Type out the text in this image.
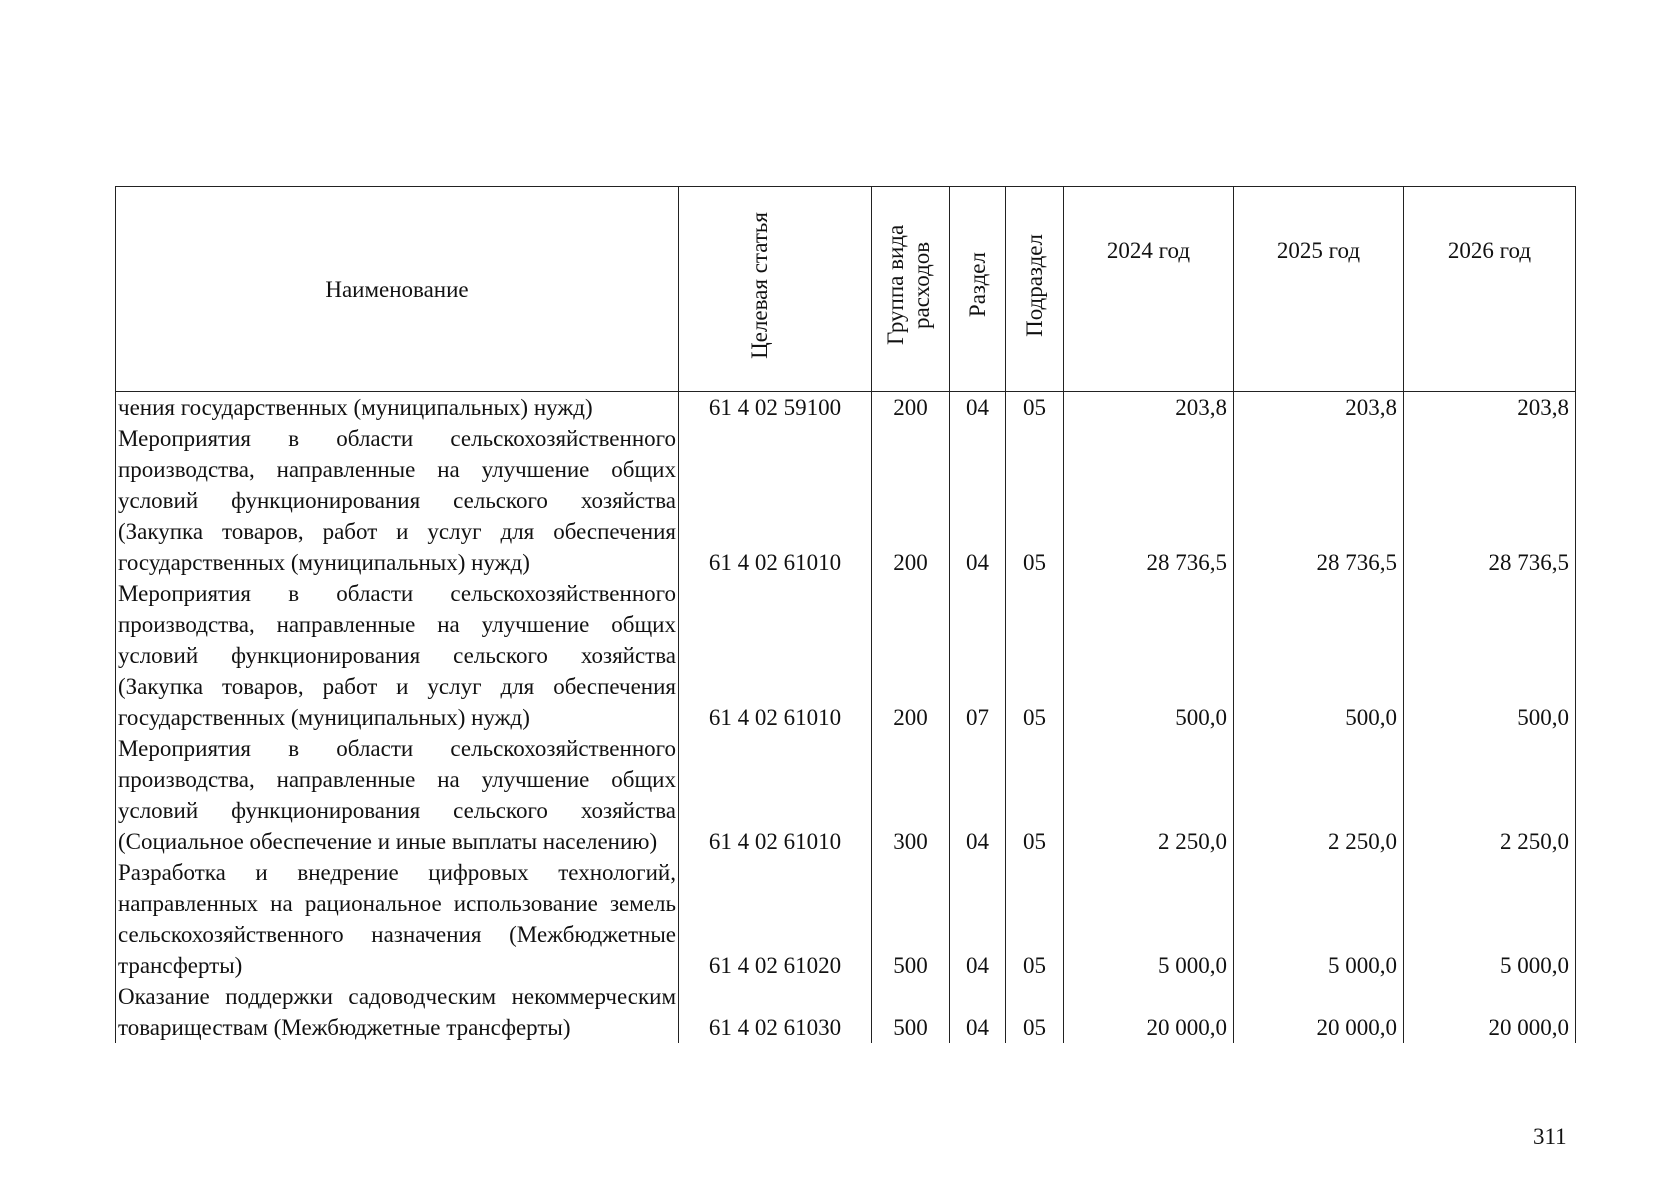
Наименование	Целевая статья	Группа вида расходов	Раздел	Подраздел	2024 год	2025 год	2026 год
чения государственных (муниципальных) нужд)	61 4 02 59100	200	04	05	203,8	203,8	203,8
Мероприятия в области сельскохозяйственного производства, направленные на улучшение общих условий функционирования сельского хозяйства (Закупка товаров, работ и услуг для обеспечения государственных (муниципальных) нужд)	61 4 02 61010	200	04	05	28 736,5	28 736,5	28 736,5
Мероприятия в области сельскохозяйственного производства, направленные на улучшение общих условий функционирования сельского хозяйства (Закупка товаров, работ и услуг для обеспечения государственных (муниципальных) нужд)	61 4 02 61010	200	07	05	500,0	500,0	500,0
Мероприятия в области сельскохозяйственного производства, направленные на улучшение общих условий функционирования сельского хозяйства (Социальное обеспечение и иные выплаты населению)	61 4 02 61010	300	04	05	2 250,0	2 250,0	2 250,0
Разработка и внедрение цифровых технологий, направленных на рациональное использование земель сельскохозяйственного назначения (Межбюджетные трансферты)	61 4 02 61020	500	04	05	5 000,0	5 000,0	5 000,0
Оказание поддержки садоводческим некоммерческим товариществам (Межбюджетные трансферты)	61 4 02 61030	500	04	05	20 000,0	20 000,0	20 000,0
311
